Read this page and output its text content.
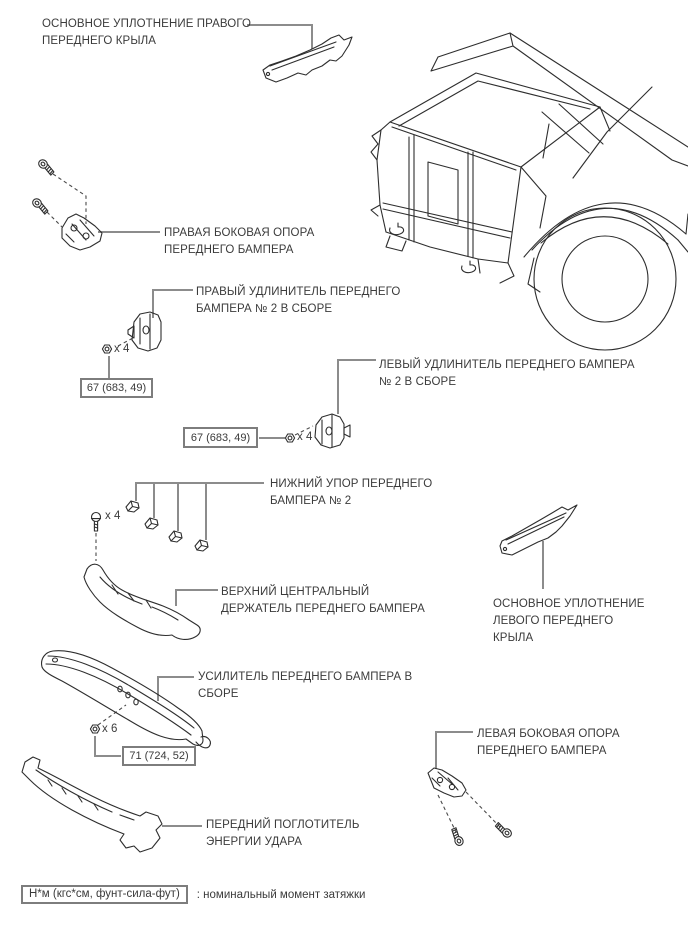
ОСНОВНОЕ УПЛОТНЕНИЕ ПРАВОГО ПЕРЕДНЕГО КРЫЛА
ПРАВАЯ БОКОВАЯ ОПОРА ПЕРЕДНЕГО БАМПЕРА
ПРАВЫЙ УДЛИНИТЕЛЬ ПЕРЕДНЕГО БАМПЕРА № 2 В СБОРЕ
ЛЕВЫЙ УДЛИНИТЕЛЬ ПЕРЕДНЕГО БАМПЕРА № 2 В СБОРЕ
НИЖНИЙ УПОР ПЕРЕДНЕГО БАМПЕРА № 2
ВЕРХНИЙ ЦЕНТРАЛЬНЫЙ ДЕРЖАТЕЛЬ ПЕРЕДНЕГО БАМПЕРА
УСИЛИТЕЛЬ ПЕРЕДНЕГО БАМПЕРА В СБОРЕ
ПЕРЕДНИЙ ПОГЛОТИТЕЛЬ ЭНЕРГИИ УДАРА
ОСНОВНОЕ УПЛОТНЕНИЕ ЛЕВОГО ПЕРЕДНЕГО КРЫЛА
ЛЕВАЯ БОКОВАЯ ОПОРА ПЕРЕДНЕГО БАМПЕРА
67 (683, 49)
67 (683, 49)
71 (724, 52)
x 4
x 4
x 4
x 6
Н*м (кгс*см, фунт-сила-фут)	: номинальный момент затяжки
